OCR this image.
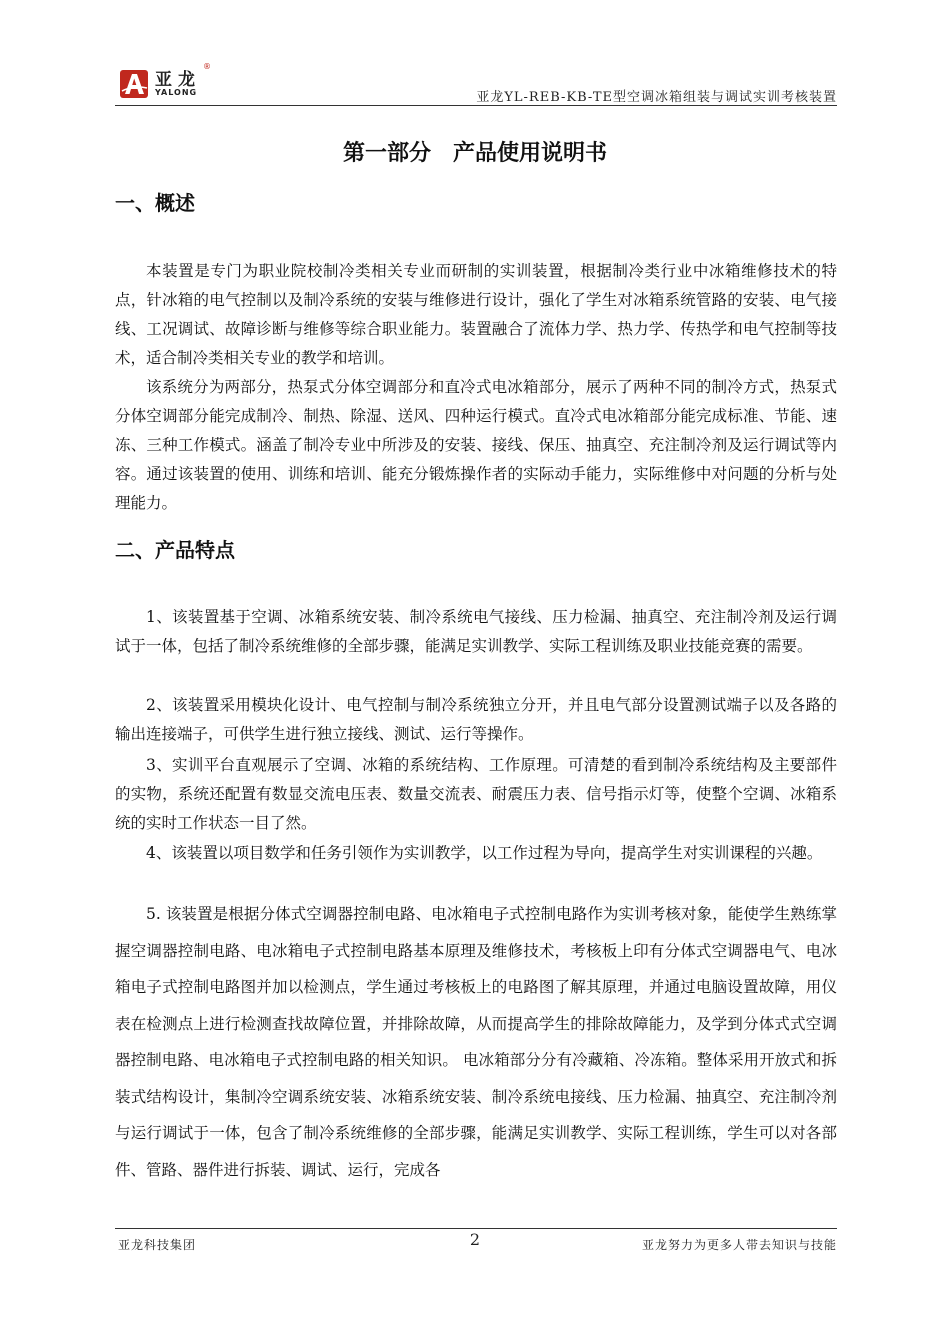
亚龙
®
YALONG	亚龙YL-REB-KB-TE型空调冰箱组装与调试实训考核装置
第一部分　产品使用说明书
一、概述

本装置是专门为职业院校制冷类相关专业而研制的实训装置，根据制冷类行业中冰箱维修技术的特点，针冰箱的电气控制以及制冷系统的安装与维修进行设计，强化了学生对冰箱系统管路的安装、电气接线、工况调试、故障诊断与维修等综合职业能力。装置融合了流体力学、热力学、传热学和电气控制等技术，适合制冷类相关专业的教学和培训。

该系统分为两部分，热泵式分体空调部分和直冷式电冰箱部分，展示了两种不同的制冷方式，热泵式分体空调部分能完成制冷、制热、除湿、送风、四种运行模式。直冷式电冰箱部分能完成标准、节能、速冻、三种工作模式。涵盖了制冷专业中所涉及的安装、接线、保压、抽真空、充注制冷剂及运行调试等内容。通过该装置的使用、训练和培训、能充分锻炼操作者的实际动手能力，实际维修中对问题的分析与处理能力。

二、产品特点

1、该装置基于空调、冰箱系统安装、制冷系统电气接线、压力检漏、抽真空、充注制冷剂及运行调试于一体，包括了制冷系统维修的全部步骤，能满足实训教学、实际工程训练及职业技能竞赛的需要。

2、该装置采用模块化设计、电气控制与制冷系统独立分开，并且电气部分设置测试端子以及各路的输出连接端子，可供学生进行独立接线、测试、运行等操作。

3、实训平台直观展示了空调、冰箱的系统结构、工作原理。可清楚的看到制冷系统结构及主要部件的实物，系统还配置有数显交流电压表、数量交流表、耐震压力表、信号指示灯等，使整个空调、冰箱系统的实时工作状态一目了然。

4、该装置以项目数学和任务引领作为实训教学，以工作过程为导向，提高学生对实训课程的兴趣。

5. 该装置是根据分体式空调器控制电路、电冰箱电子式控制电路作为实训考核对象，能使学生熟练掌握空调器控制电路、电冰箱电子式控制电路基本原理及维修技术，考核板上印有分体式空调器电气、电冰箱电子式控制电路图并加以检测点，学生通过考核板上的电路图了解其原理，并通过电脑设置故障，用仪表在检测点上进行检测查找故障位置，并排除故障，从而提高学生的排除故障能力，及学到分体式式空调器控制电路、电冰箱电子式控制电路的相关知识。 电冰箱部分分有冷藏箱、冷冻箱。整体采用开放式和拆装式结构设计，集制冷空调系统安装、冰箱系统安装、制冷系统电接线、压力检漏、抽真空、充注制冷剂与运行调试于一体，包含了制冷系统维修的全部步骤，能满足实训教学、实际工程训练，学生可以对各部件、管路、器件进行拆装、调试、运行，完成各

亚龙科技集团	2	亚龙努力为更多人带去知识与技能
